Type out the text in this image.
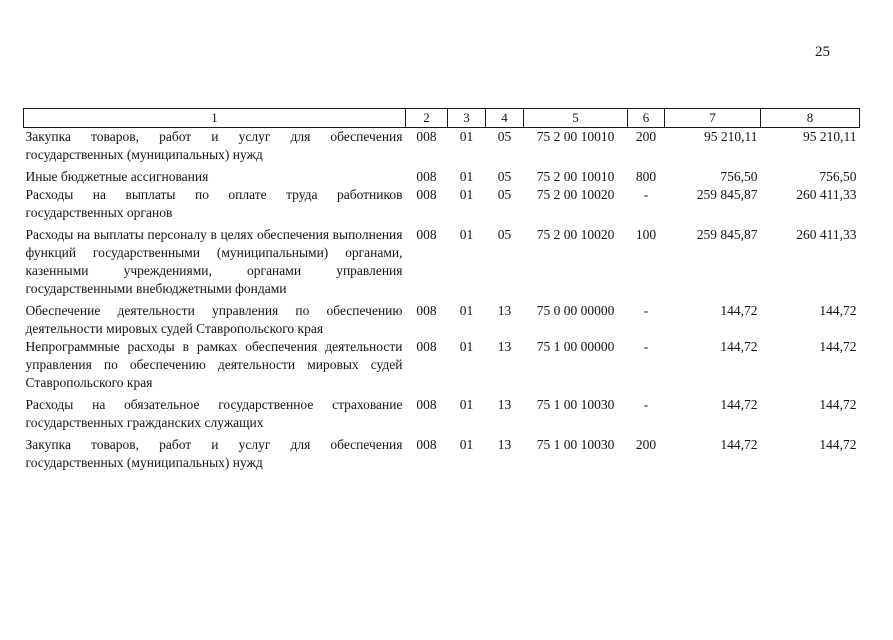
25
1	2	3	4	5	6	7	8
Закупка товаров, работ и услуг для обеспечения государственных (муниципальных) нужд	008	01	05	75 2 00 10010	200	95 210,11	95 210,11
Иные бюджетные ассигнования	008	01	05	75 2 00 10010	800	756,50	756,50
Расходы на выплаты по оплате труда работников государственных органов	008	01	05	75 2 00 10020	-	259 845,87	260 411,33
Расходы на выплаты персоналу в целях обеспечения выполнения функций государственными (муниципальными) органами, казенными учреждениями, органами управления государственными внебюджетными фондами	008	01	05	75 2 00 10020	100	259 845,87	260 411,33
Обеспечение деятельности управления по обеспечению деятельности мировых судей Ставропольского края	008	01	13	75 0 00 00000	-	144,72	144,72
Непрограммные расходы в рамках обеспечения деятельности управления по обеспечению деятельности мировых судей Ставропольского края	008	01	13	75 1 00 00000	-	144,72	144,72
Расходы на обязательное государственное страхование государственных гражданских служащих	008	01	13	75 1 00 10030	-	144,72	144,72
Закупка товаров, работ и услуг для обеспечения государственных (муниципальных) нужд	008	01	13	75 1 00 10030	200	144,72	144,72
